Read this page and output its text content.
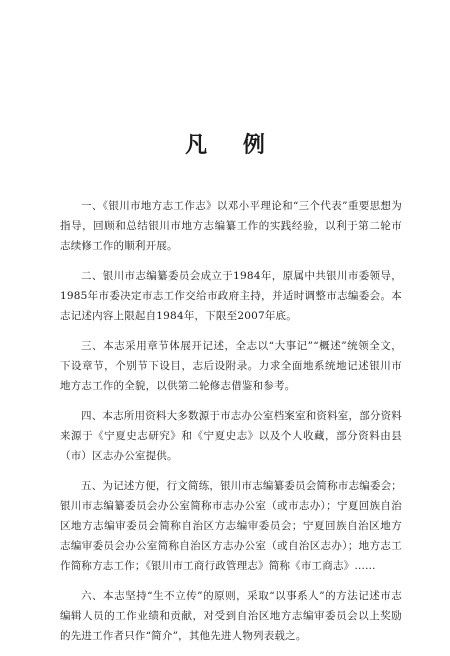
凡 例

一、《银川市地方志工作志》以邓小平理论和“三个代表”重要思想为指导，回顾和总结银川市地方志编纂工作的实践经验，以利于第二轮市志续修工作的顺利开展。

二、银川市志编纂委员会成立于1984年，原属中共银川市委领导，1985年市委决定市志工作交给市政府主持，并适时调整市志编委会。本志记述内容上限起自1984年，下限至2007年底。

三、本志采用章节体展开记述，全志以“大事记”“概述”统领全文，下设章节，个别节下设目，志后设附录。力求全面地系统地记述银川市地方志工作的全貌，以供第二轮修志借鉴和参考。

四、本志所用资料大多数源于市志办公室档案室和资料室，部分资料来源于《宁夏史志研究》和《宁夏史志》以及个人收藏，部分资料由县（市）区志办公室提供。

五、为记述方便，行文简练，银川市志编纂委员会简称市志编委会；银川市志编纂委员会办公室简称市志办公室（或市志办）；宁夏回族自治区地方志编审委员会简称自治区方志编审委员会；宁夏回族自治区地方志编审委员会办公室简称自治区方志办公室（或自治区志办）；地方志工作简称方志工作；《银川市工商行政管理志》简称《市工商志》……

六、本志坚持“生不立传”的原则，采取“以事系人”的方法记述市志编辑人员的工作业绩和贡献，对受到自治区地方志编审委员会以上奖励的先进工作者只作“简介”，其他先进人物列表载之。
